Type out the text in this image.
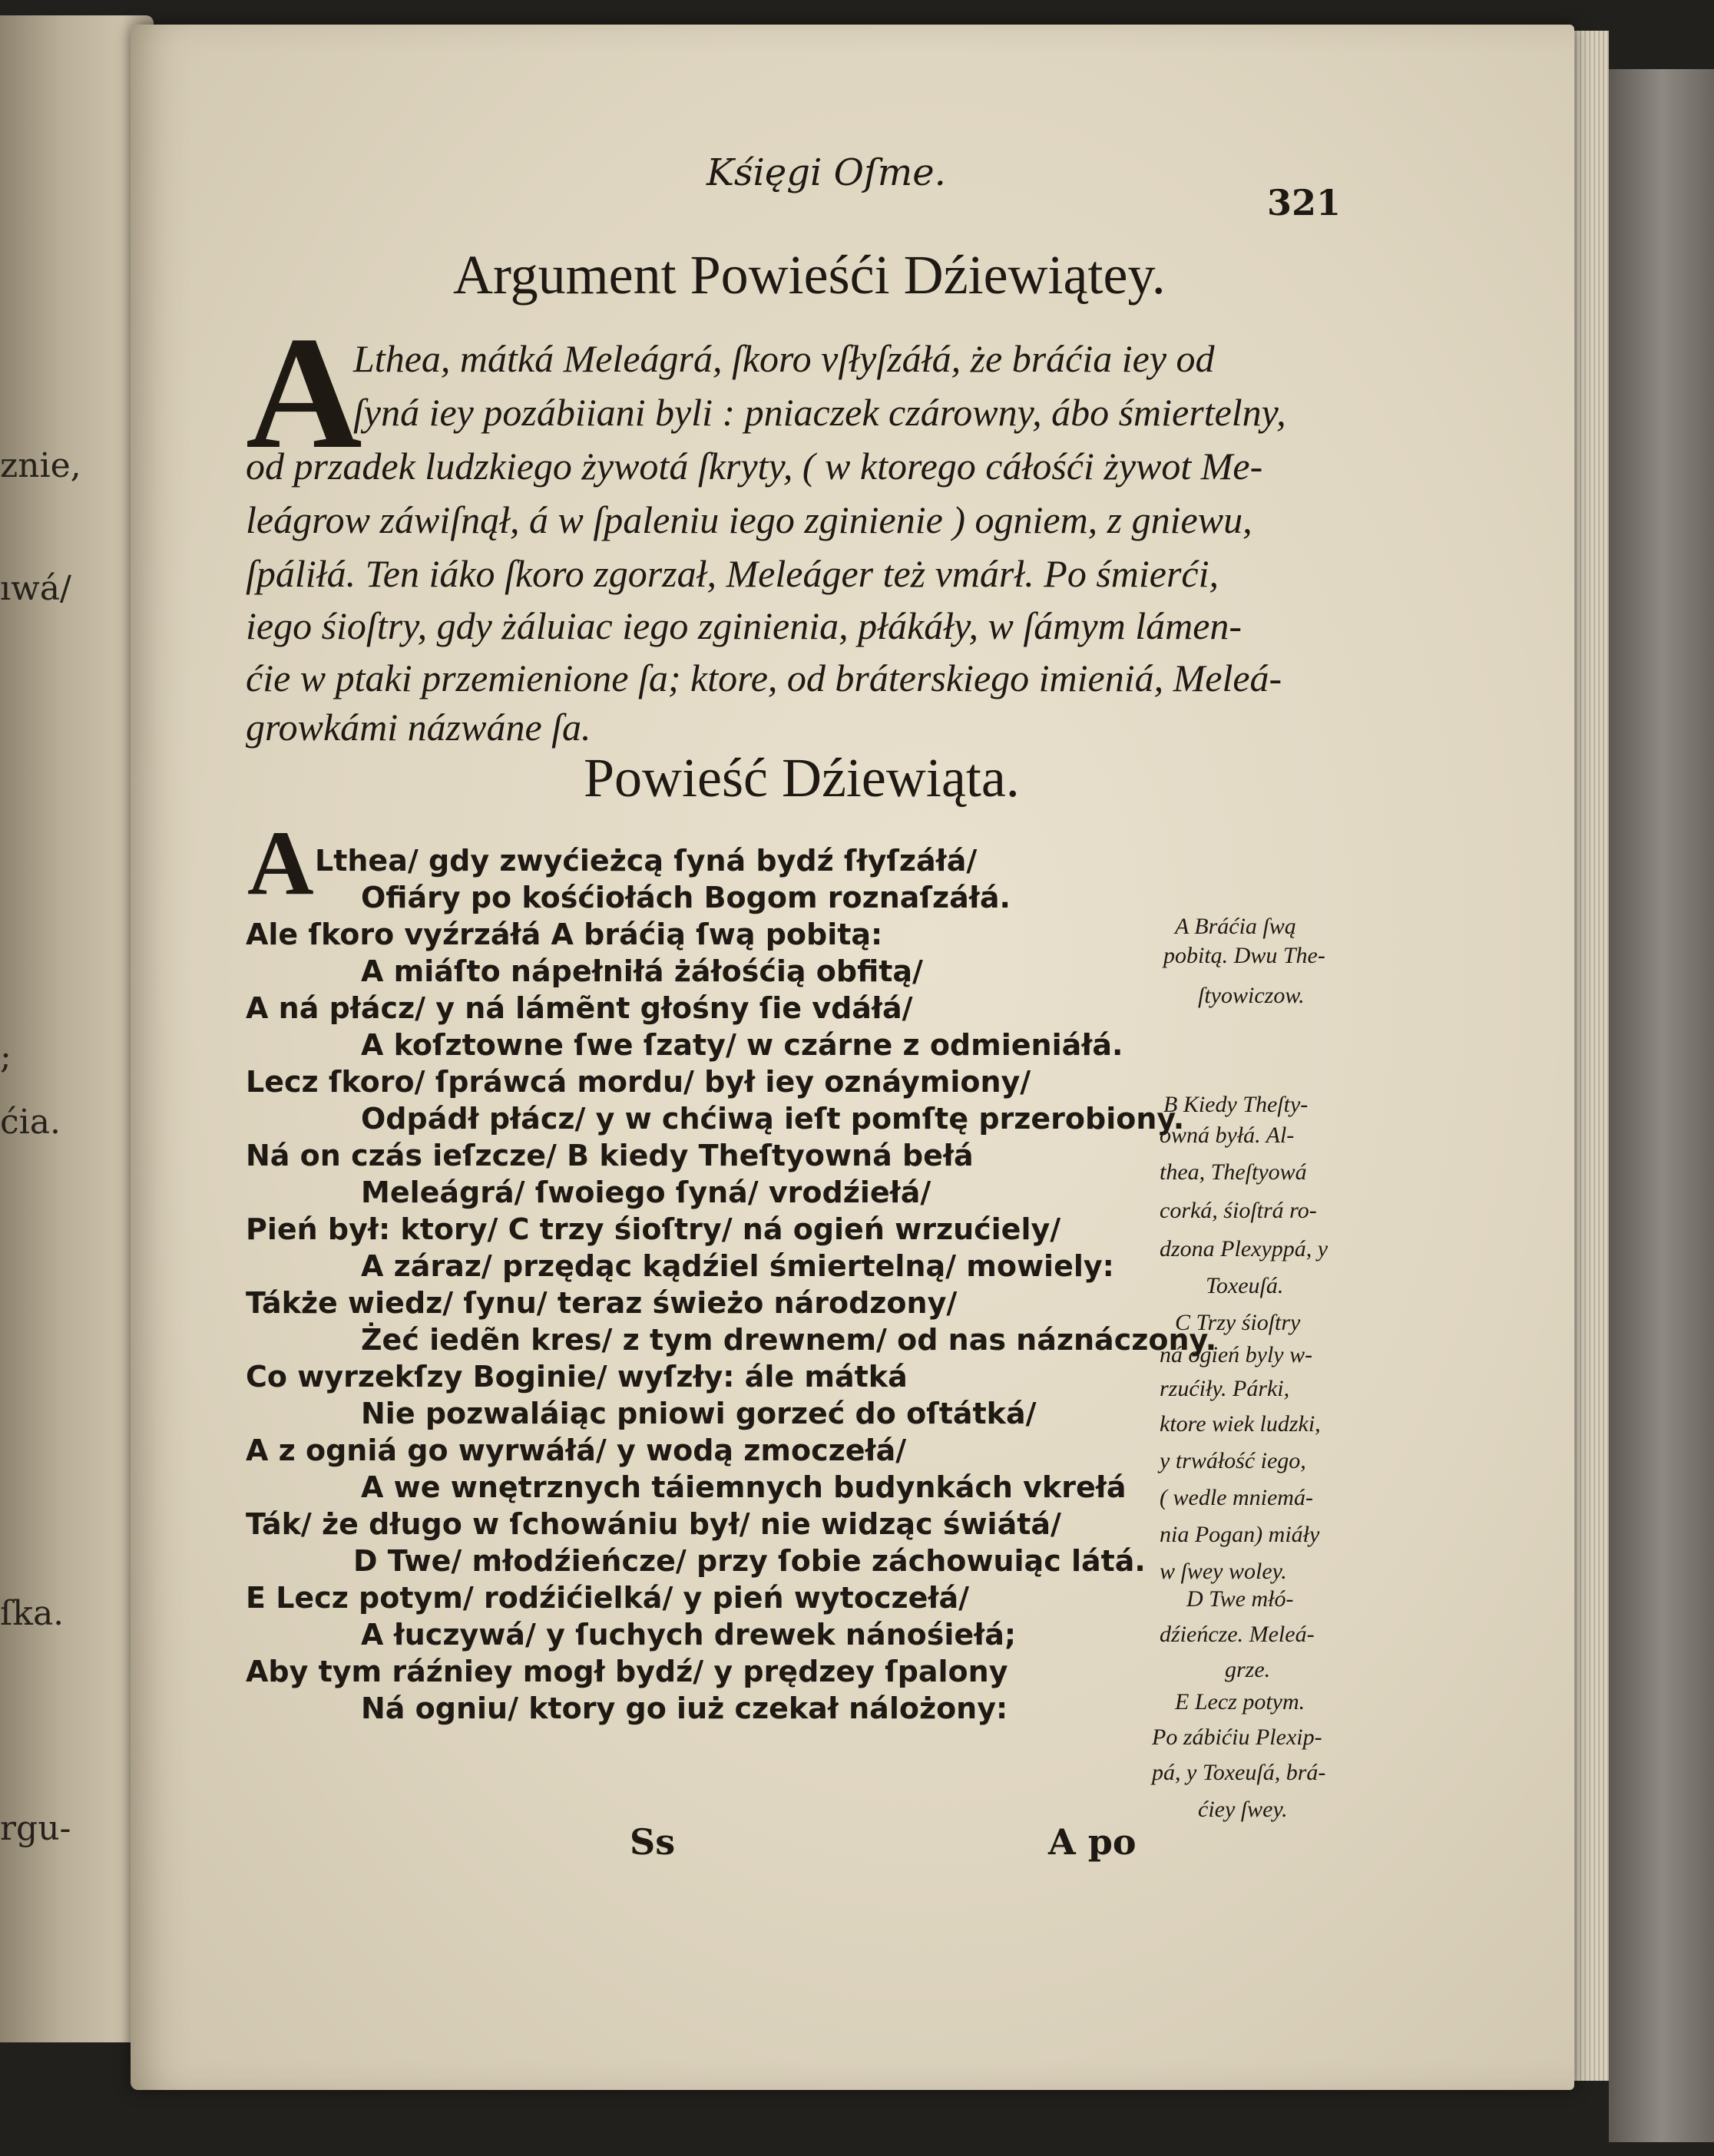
znie,
ıwá/
;
ćia.
ſka.
rgu-
Kśięgi Oſme.
321
Argument Powieśći Dźiewiątey.
A
Lthea, mátká Meleágrá, ſkoro vſłyſzáłá, że bráćia iey od
ſyná iey pozábiiani byli : pniaczek czárowny, ábo śmiertelny,
od przadek ludzkiego żywotá ſkryty, ( w ktorego cáłośći żywot Me-
leágrow záwiſnął, á w ſpaleniu iego zginienie ) ogniem, z gniewu,
ſpáliłá. Ten iáko ſkoro zgorzał, Meleáger też vmárł. Po śmierći,
iego śioſtry, gdy żáluiac iego zginienia, płákáły, w ſámym lámen-
ćie w ptaki przemienione ſa; ktore, od bráterskiego imieniá, Meleá-
growkámi názwáne ſa.
Powieść Dźiewiąta.
A Lthea/ gdy zwyćieżcą ſyná bydź ſłyſzáłá/
Ofiáry po kośćiołách Bogom roznaſzáłá.
Ale ſkoro vyźrzáłá A bráćią ſwą pobitą:
A miáſto nápełniłá żáłośćią obfitą/
A ná płácz/ y ná lámẽnt głośny ſie vdáłá/
A koſztowne ſwe ſzaty/ w czárne z odmieniáłá.
Lecz ſkoro/ ſpráwcá mordu/ był iey oznáymiony/
Odpádł płácz/ y w chćiwą ieſt pomſtę przerobiony.
Ná on czás ieſzcze/ B kiedy Theſtyowná bełá
Meleágrá/ ſwoiego ſyná/ vrodźiełá/
Pień był: ktory/ C trzy śioſtry/ ná ogień wrzućiely/
A záraz/ przędąc kądźiel śmiertelną/ mowiely:
Tákże wiedz/ ſynu/ teraz świeżo národzony/
Żeć iedẽn kres/ z tym drewnem/ od nas náznáczony.
Co wyrzekſzy Boginie/ wyſzły: ále mátká
Nie pozwaláiąc pniowi gorzeć do oſtátká/
A z ogniá go wyrwáłá/ y wodą zmoczełá/
A we wnętrznych táiemnych budynkách vkrełá
Ták/ że długo w ſchowániu był/ nie widząc świátá/
D Twe/ młodźieńcze/ przy ſobie záchowuiąc látá.
E Lecz potym/ rodźićielká/ y pień wytoczełá/
A łuczywá/ y ſuchych drewek nánośiełá;
Aby tym ráźniey mogł bydź/ y prędzey ſpalony
Ná ogniu/ ktory go iuż czekał nálożony:
A Bráćia ſwą
pobitą. Dwu The-
ſtyowiczow.
B Kiedy Theſty-
owná byłá. Al-
thea, Theſtyowá
corká, śioſtrá ro-
dzona Plexyppá, y
Toxeuſá.
C Trzy śioſtry
ná ogień byly w-
rzućiły. Párki,
ktore wiek ludzki,
y trwáłość iego,
( wedle mniemá-
nia Pogan) miáły
w ſwey woley.
D Twe młó-
dźieńcze. Meleá-
grze.
E Lecz potym.
Po zábićiu Plexip-
pá, y Toxeuſá, brá-
ćiey ſwey.
Ss	A po
